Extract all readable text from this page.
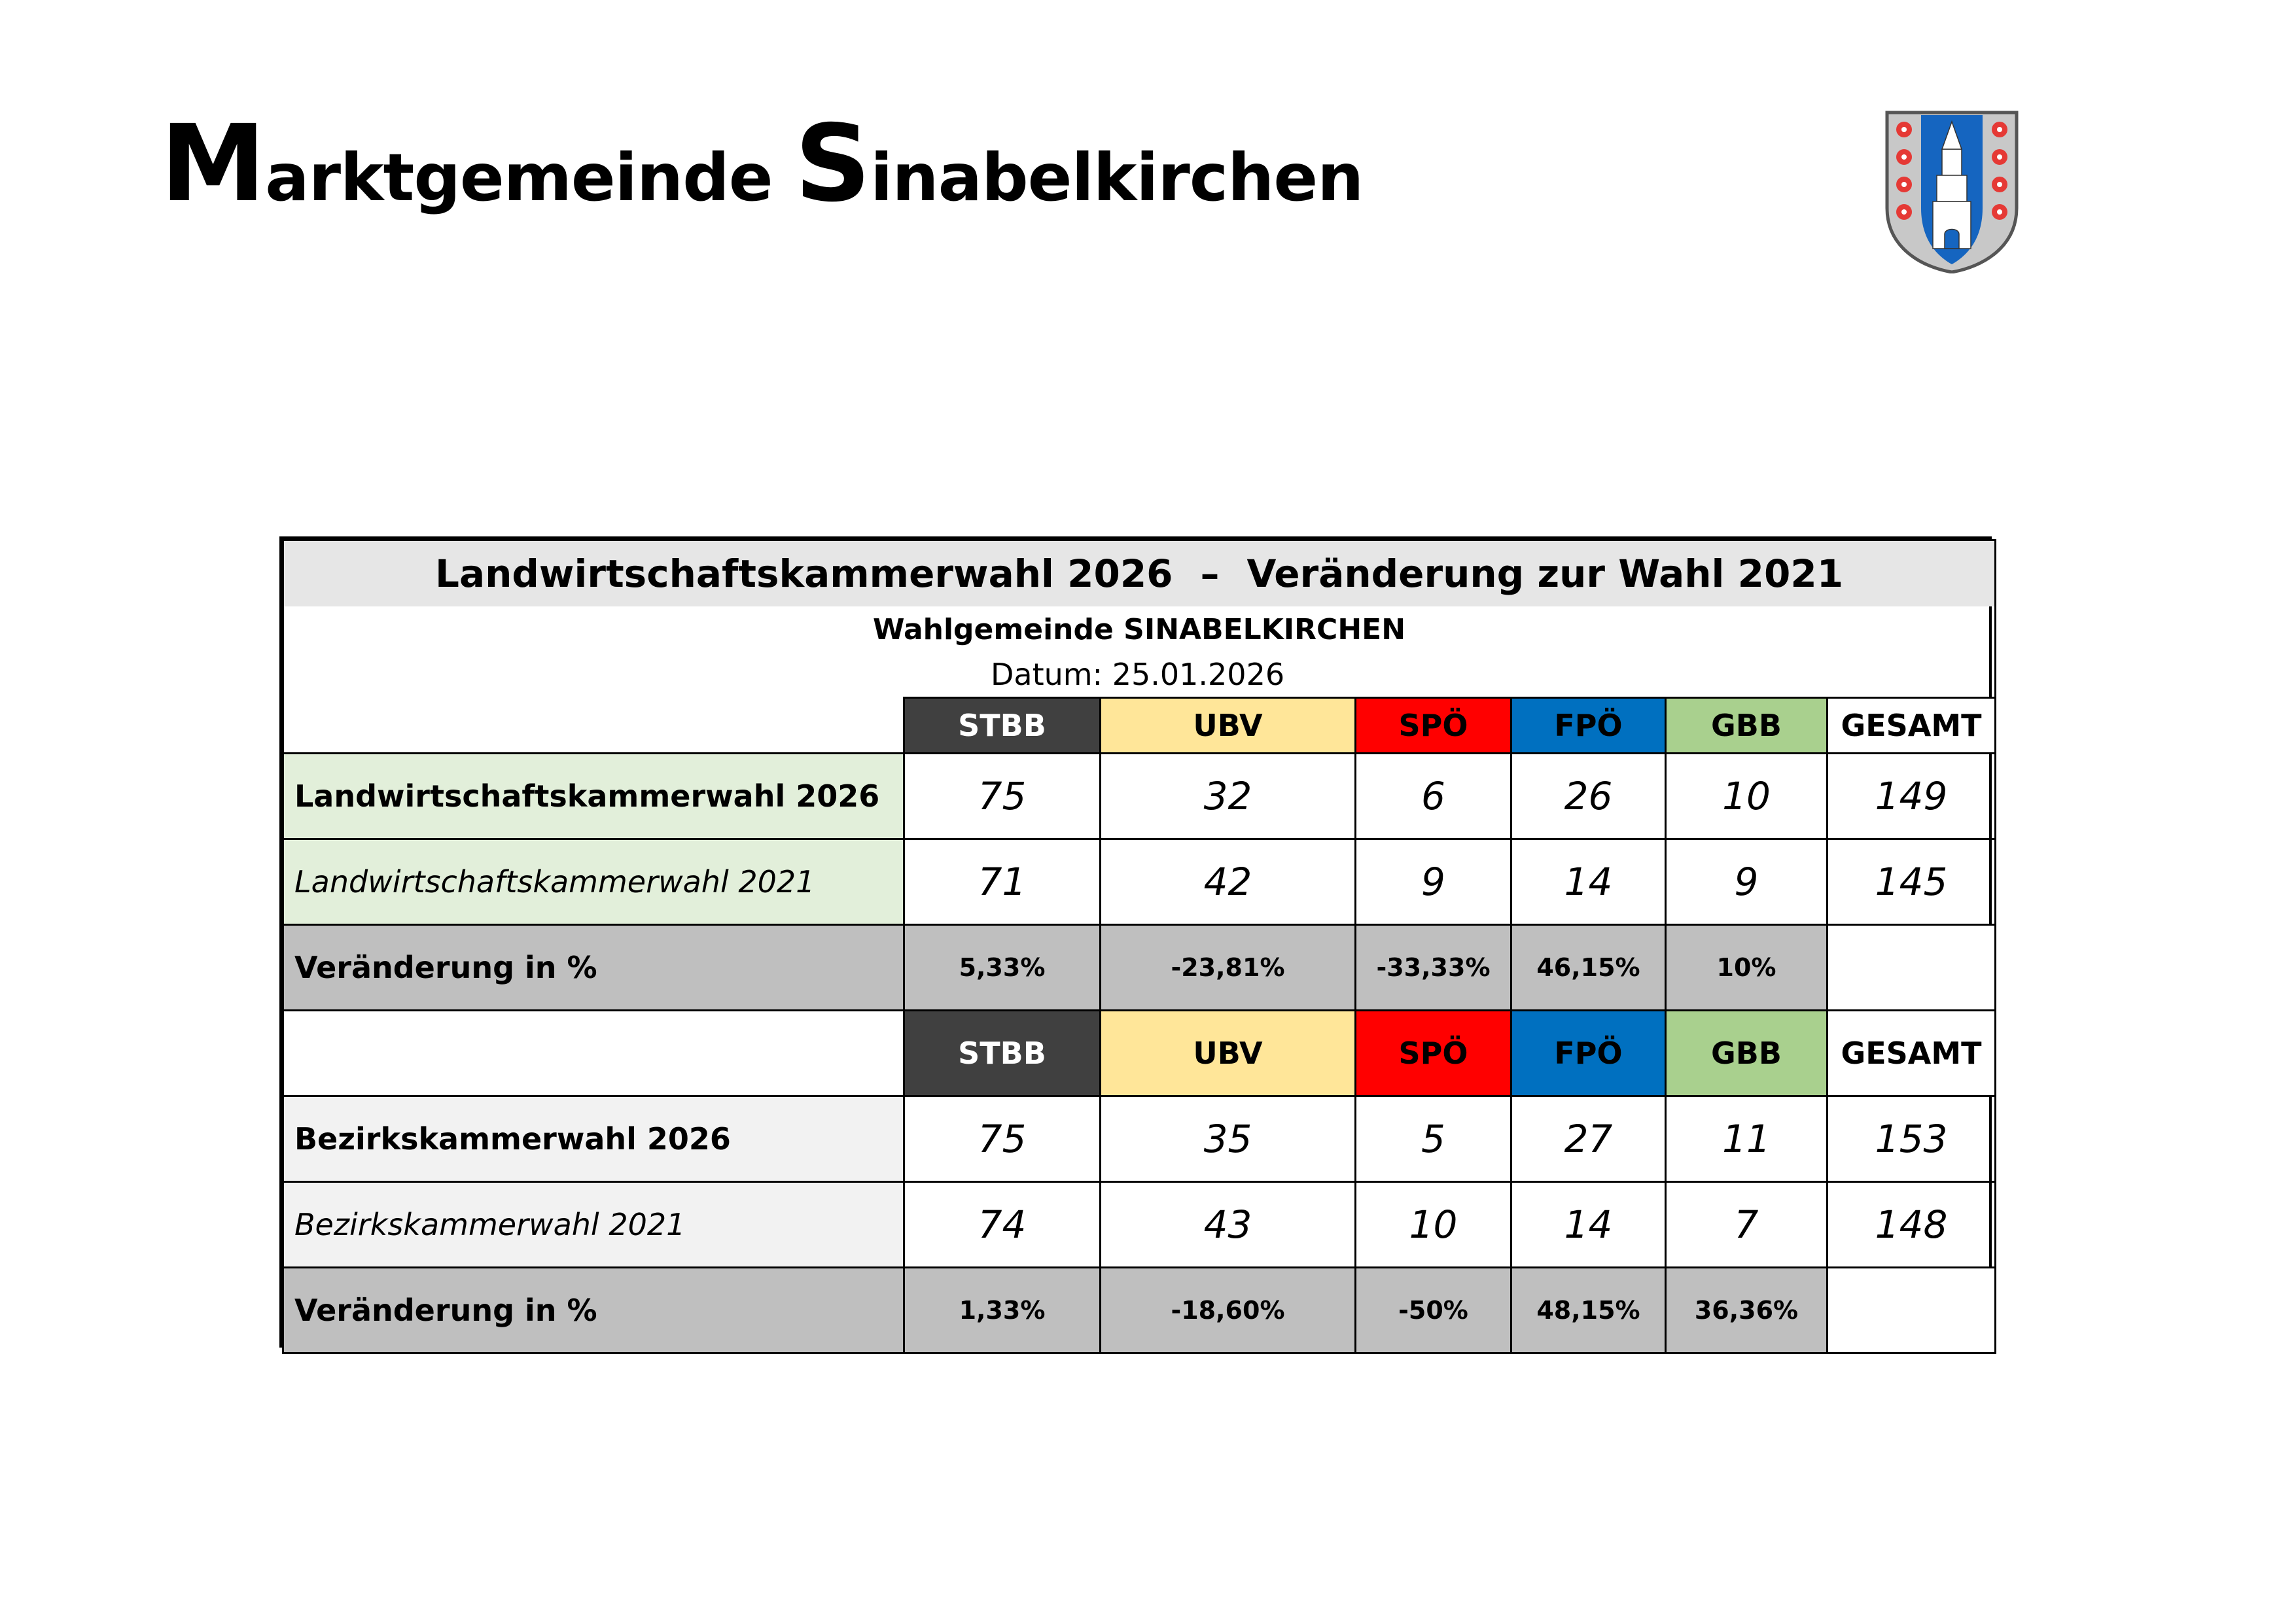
Marktgemeinde Sinabelkirchen
Landwirtschaftskammerwahl 2026 – Veränderung zur Wahl 2021						
Wahlgemeinde SINABELKIRCHEN						
Datum: 25.01.2026						
	STBB	UBV	SPÖ	FPÖ	GBB	GESAMT
Landwirtschaftskammerwahl 2026	75	32	6	26	10	149
Landwirtschaftskammerwahl 2021	71	42	9	14	9	145
Veränderung in %	5,33%	-23,81%	-33,33%	46,15%	10%	
	STBB	UBV	SPÖ	FPÖ	GBB	GESAMT
Bezirkskammerwahl 2026	75	35	5	27	11	153
Bezirkskammerwahl 2021	74	43	10	14	7	148
Veränderung in %	1,33%	-18,60%	-50%	48,15%	36,36%	
